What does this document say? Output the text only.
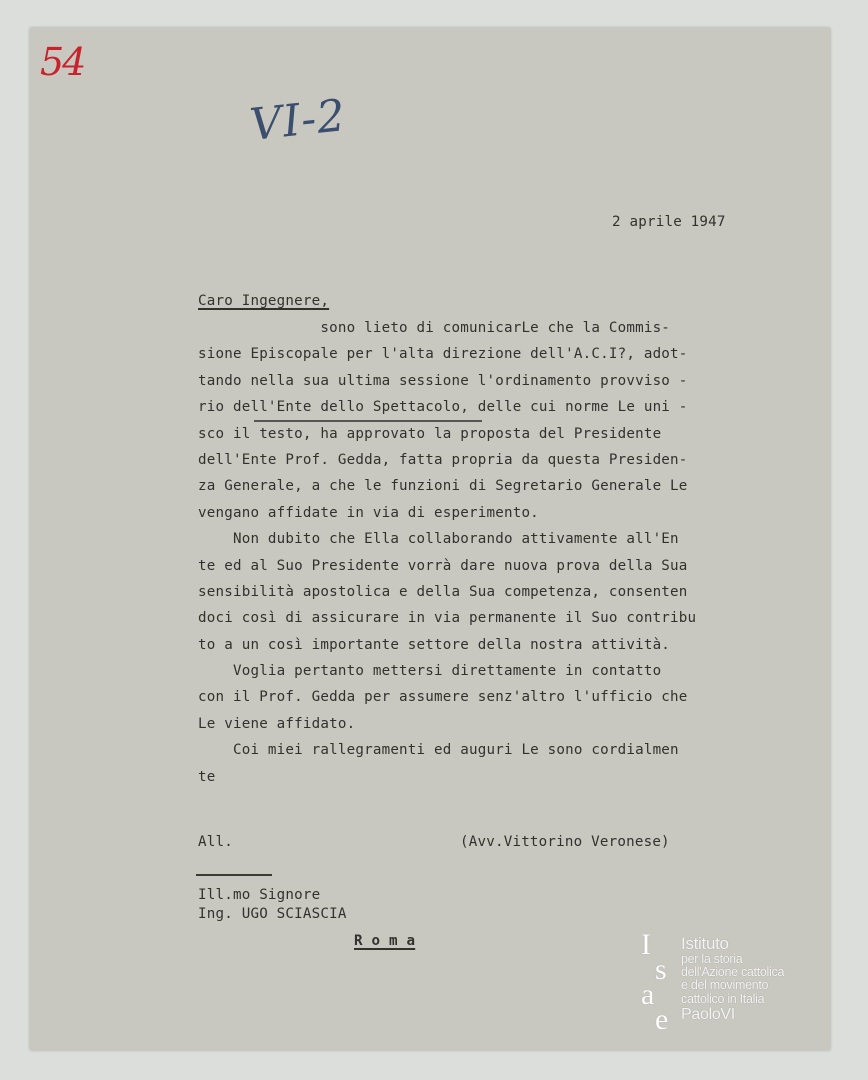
54
VI-2
2 aprile 1947
Caro Ingegnere,
sono lieto di comunicarLe che la Commis-
sione Episcopale per l'alta direzione dell'A.C.I?, adot-
tando nella sua ultima sessione l'ordinamento provviso -
rio dell'Ente dello Spettacolo, delle cui norme Le uni -
sco il testo, ha approvato la proposta del Presidente
dell'Ente Prof. Gedda, fatta propria da questa Presiden-
za Generale, a che le funzioni di Segretario Generale Le
vengano affidate in via di esperimento.
Non dubito che Ella collaborando attivamente all'En
te ed al Suo Presidente vorrà dare nuova prova della Sua
sensibilità apostolica e della Sua competenza, consenten
doci così di assicurare in via permanente il Suo contribu
to a un così importante settore della nostra attività.
Voglia pertanto mettersi direttamente in contatto
con il Prof. Gedda per assumere senz'altro l'ufficio che
Le viene affidato.
Coi miei rallegramenti ed auguri Le sono cordialmen
te
All.	(Avv.Vittorino Veronese)
Ill.mo Signore
Ing. UGO SCIASCIA
R o m a	I
s
a
e
Istituto
per la storia
dell'Azione cattolica
e del movimento
cattolico in Italia
PaoloVI
